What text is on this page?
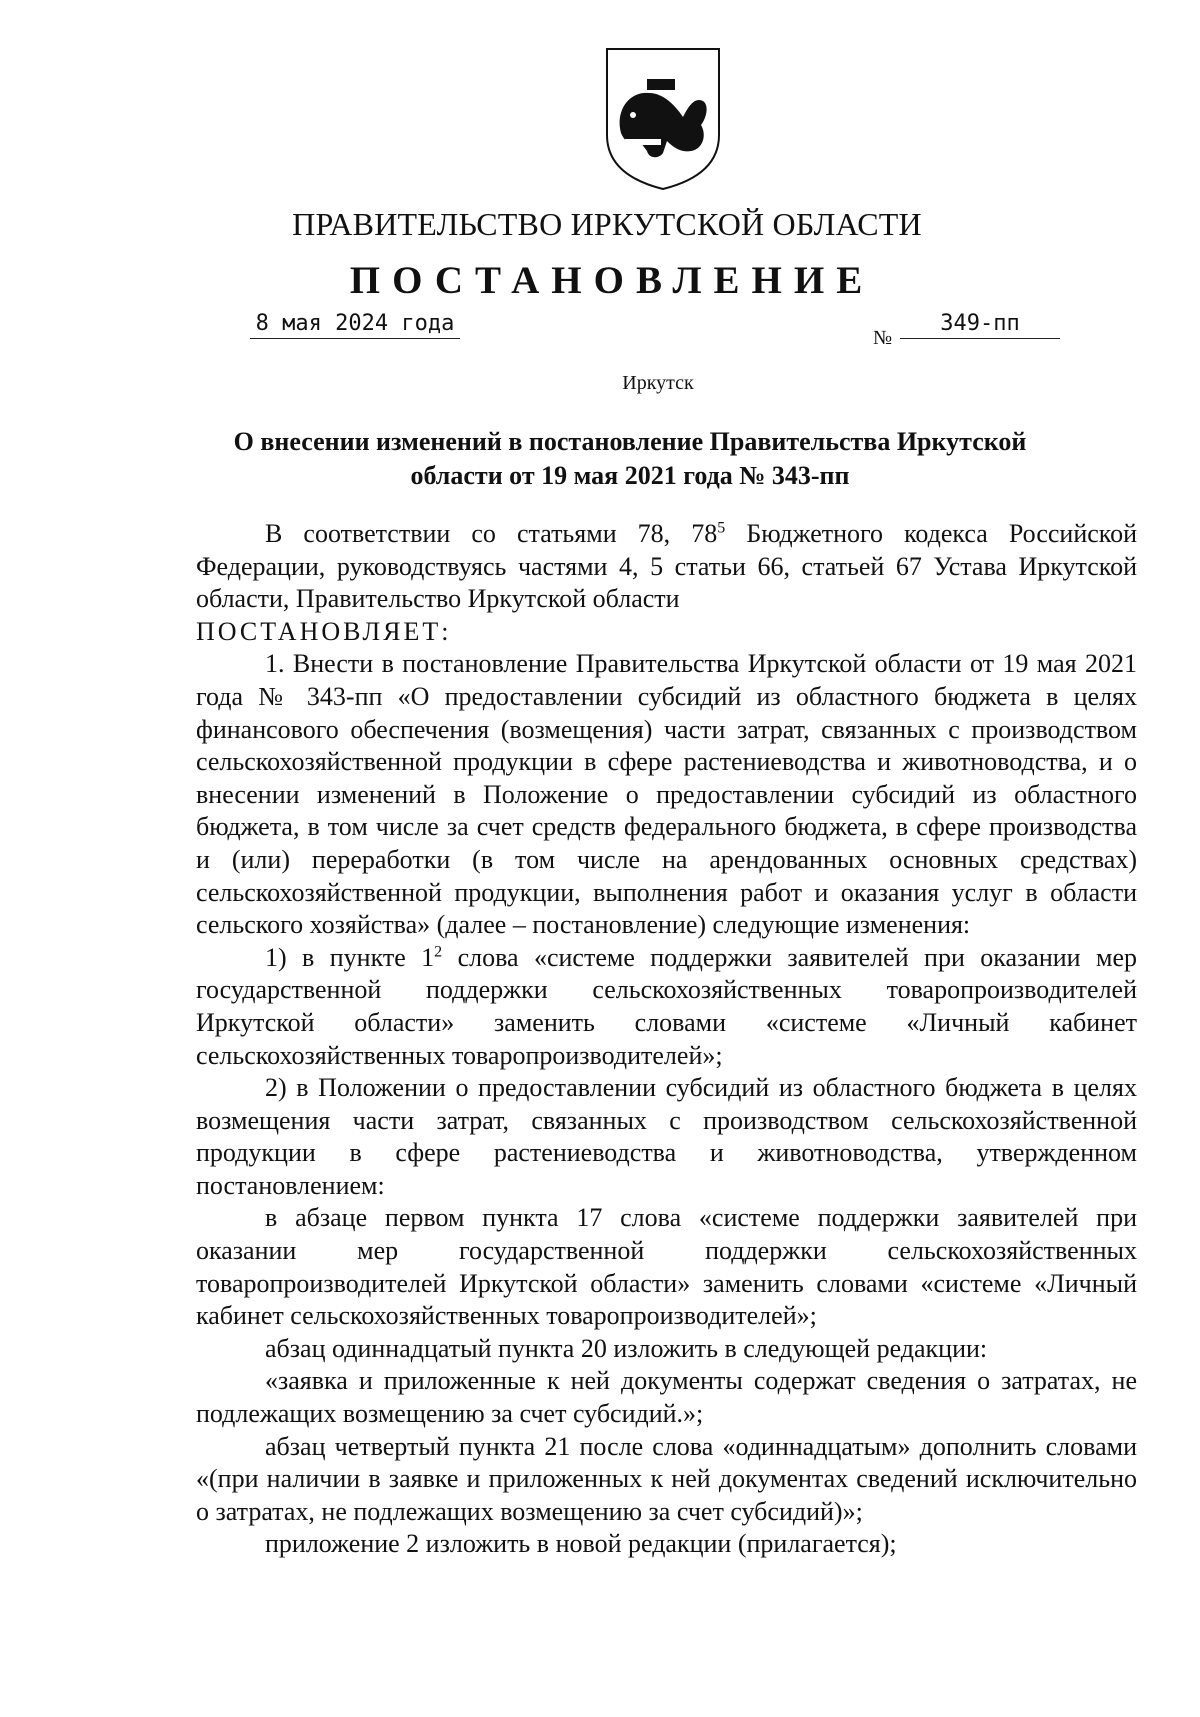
ПРАВИТЕЛЬСТВО ИРКУТСКОЙ ОБЛАСТИ
ПОСТАНОВЛЕНИЕ
8 мая 2024 года
№
349-пп
Иркутск
О внесении изменений в постановление Правительства Иркутской
области от 19 мая 2021 года № 343-пп

В соответствии со статьями 78, $78^5$ Бюджетного кодекса Российской Федерации, руководствуясь частями 4, 5 статьи 66, статьей 67 Устава Иркутской области, Правительство Иркутской области

ПОСТАНОВЛЯЕТ:

1. Внести в постановление Правительства Иркутской области от 19 мая 2021 года № 343-пп «О предоставлении субсидий из областного бюджета в целях финансового обеспечения (возмещения) части затрат, связанных с производством сельскохозяйственной продукции в сфере растениеводства и животноводства, и о внесении изменений в Положение о предоставлении субсидий из областного бюджета, в том числе за счет средств федерального бюджета, в сфере производства и (или) переработки (в том числе на арендованных основных средствах) сельскохозяйственной продукции, выполнения работ и оказания услуг в области сельского хозяйства» (далее – постановление) следующие изменения:

1) в пункте $1^2$ слова «системе поддержки заявителей при оказании мер государственной поддержки сельскохозяйственных товаропроизводителей Иркутской области» заменить словами «системе «Личный кабинет сельскохозяйственных товаропроизводителей»;

2) в Положении о предоставлении субсидий из областного бюджета в целях возмещения части затрат, связанных с производством сельскохозяйственной продукции в сфере растениеводства и животноводства, утвержденном постановлением:

в абзаце первом пункта 17 слова «системе поддержки заявителей при оказании мер государственной поддержки сельскохозяйственных товаропроизводителей Иркутской области» заменить словами «системе «Личный кабинет сельскохозяйственных товаропроизводителей»;

абзац одиннадцатый пункта 20 изложить в следующей редакции:

«заявка и приложенные к ней документы содержат сведения о затратах, не подлежащих возмещению за счет субсидий.»;

абзац четвертый пункта 21 после слова «одиннадцатым» дополнить словами «(при наличии в заявке и приложенных к ней документах сведений исключительно о затратах, не подлежащих возмещению за счет субсидий)»;

приложение 2 изложить в новой редакции (прилагается);
